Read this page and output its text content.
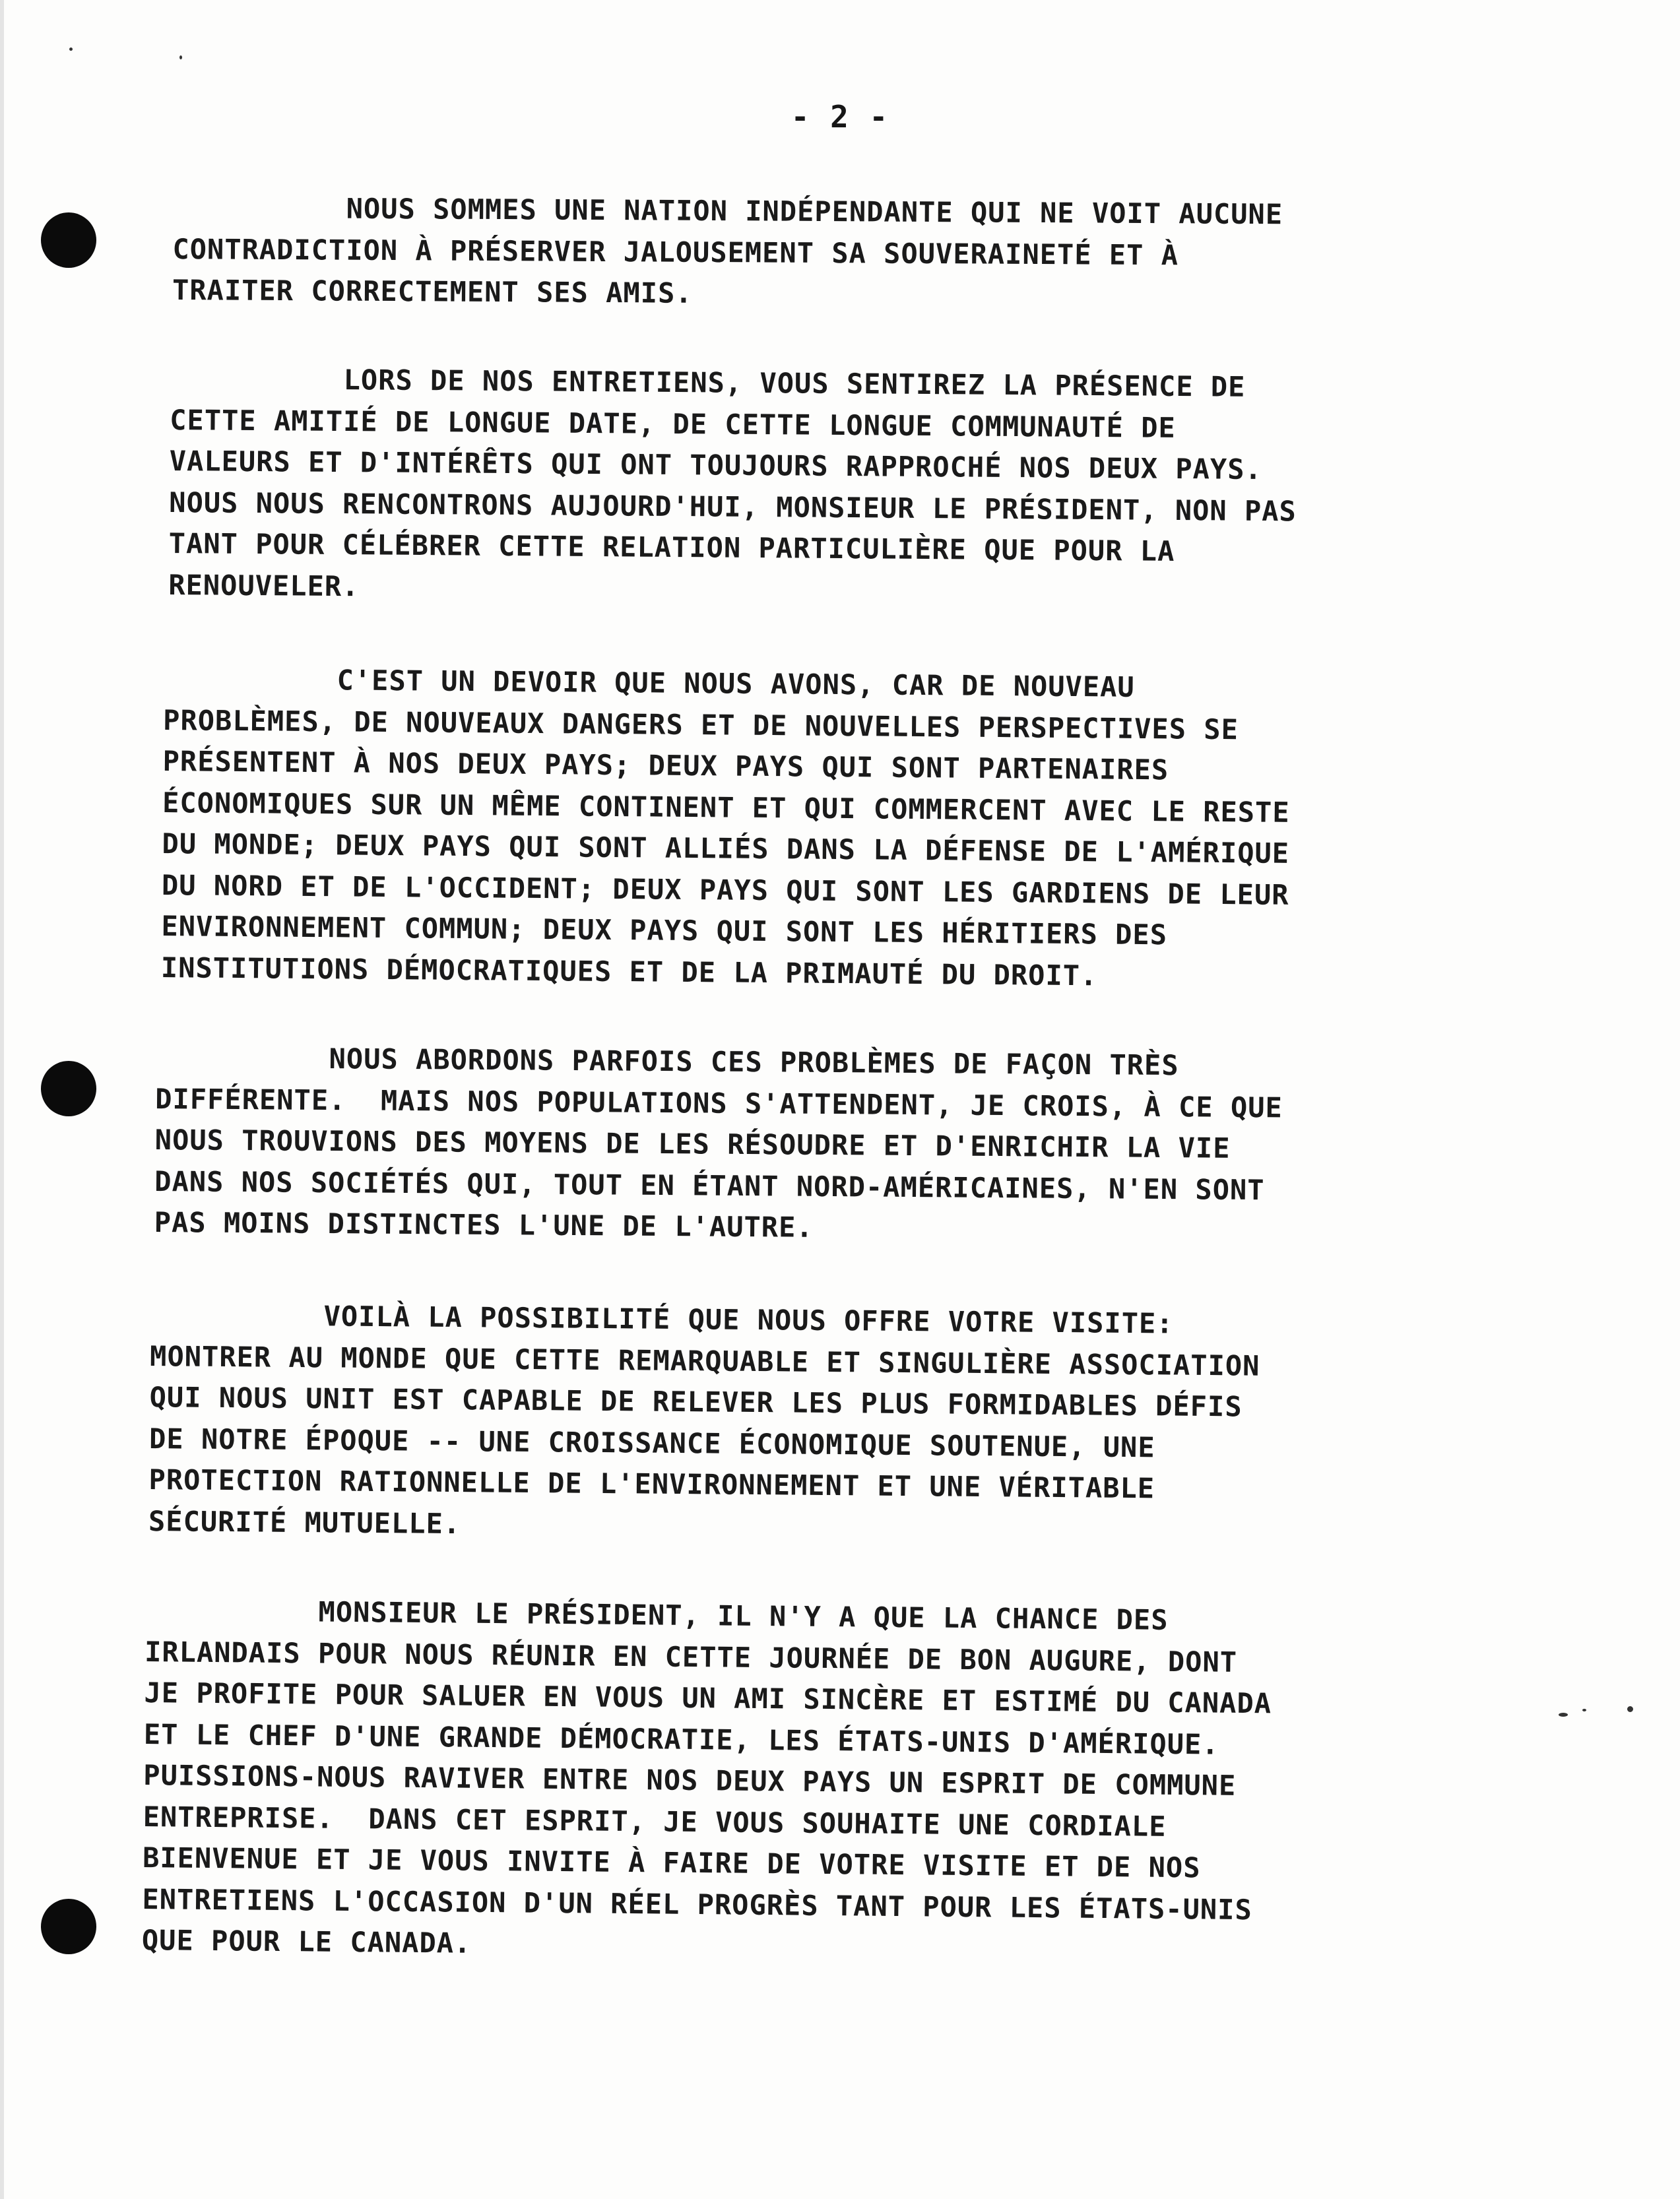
- 2 -

NOUS SOMMES UNE NATION INDÉPENDANTE QUI NE VOIT AUCUNE
CONTRADICTION À PRÉSERVER JALOUSEMENT SA SOUVERAINETÉ ET À
TRAITER CORRECTEMENT SES AMIS.

LORS DE NOS ENTRETIENS, VOUS SENTIREZ LA PRÉSENCE DE
CETTE AMITIÉ DE LONGUE DATE, DE CETTE LONGUE COMMUNAUTÉ DE
VALEURS ET D'INTÉRÊTS QUI ONT TOUJOURS RAPPROCHÉ NOS DEUX PAYS.
NOUS NOUS RENCONTRONS AUJOURD'HUI, MONSIEUR LE PRÉSIDENT, NON PAS
TANT POUR CÉLÉBRER CETTE RELATION PARTICULIÈRE QUE POUR LA
RENOUVELER.

C'EST UN DEVOIR QUE NOUS AVONS, CAR DE NOUVEAU
PROBLÈMES, DE NOUVEAUX DANGERS ET DE NOUVELLES PERSPECTIVES SE
PRÉSENTENT À NOS DEUX PAYS; DEUX PAYS QUI SONT PARTENAIRES
ÉCONOMIQUES SUR UN MÊME CONTINENT ET QUI COMMERCENT AVEC LE RESTE
DU MONDE; DEUX PAYS QUI SONT ALLIÉS DANS LA DÉFENSE DE L'AMÉRIQUE
DU NORD ET DE L'OCCIDENT; DEUX PAYS QUI SONT LES GARDIENS DE LEUR
ENVIRONNEMENT COMMUN; DEUX PAYS QUI SONT LES HÉRITIERS DES
INSTITUTIONS DÉMOCRATIQUES ET DE LA PRIMAUTÉ DU DROIT.

NOUS ABORDONS PARFOIS CES PROBLÈMES DE FAÇON TRÈS
DIFFÉRENTE.  MAIS NOS POPULATIONS S'ATTENDENT, JE CROIS, À CE QUE
NOUS TROUVIONS DES MOYENS DE LES RÉSOUDRE ET D'ENRICHIR LA VIE
DANS NOS SOCIÉTÉS QUI, TOUT EN ÉTANT NORD-AMÉRICAINES, N'EN SONT
PAS MOINS DISTINCTES L'UNE DE L'AUTRE.

VOILÀ LA POSSIBILITÉ QUE NOUS OFFRE VOTRE VISITE:
MONTRER AU MONDE QUE CETTE REMARQUABLE ET SINGULIÈRE ASSOCIATION
QUI NOUS UNIT EST CAPABLE DE RELEVER LES PLUS FORMIDABLES DÉFIS
DE NOTRE ÉPOQUE -- UNE CROISSANCE ÉCONOMIQUE SOUTENUE, UNE
PROTECTION RATIONNELLE DE L'ENVIRONNEMENT ET UNE VÉRITABLE
SÉCURITÉ MUTUELLE.

MONSIEUR LE PRÉSIDENT, IL N'Y A QUE LA CHANCE DES
IRLANDAIS POUR NOUS RÉUNIR EN CETTE JOURNÉE DE BON AUGURE, DONT
JE PROFITE POUR SALUER EN VOUS UN AMI SINCÈRE ET ESTIMÉ DU CANADA
ET LE CHEF D'UNE GRANDE DÉMOCRATIE, LES ÉTATS-UNIS D'AMÉRIQUE.
PUISSIONS-NOUS RAVIVER ENTRE NOS DEUX PAYS UN ESPRIT DE COMMUNE
ENTREPRISE.  DANS CET ESPRIT, JE VOUS SOUHAITE UNE CORDIALE
BIENVENUE ET JE VOUS INVITE À FAIRE DE VOTRE VISITE ET DE NOS
ENTRETIENS L'OCCASION D'UN RÉEL PROGRÈS TANT POUR LES ÉTATS-UNIS
QUE POUR LE CANADA.
